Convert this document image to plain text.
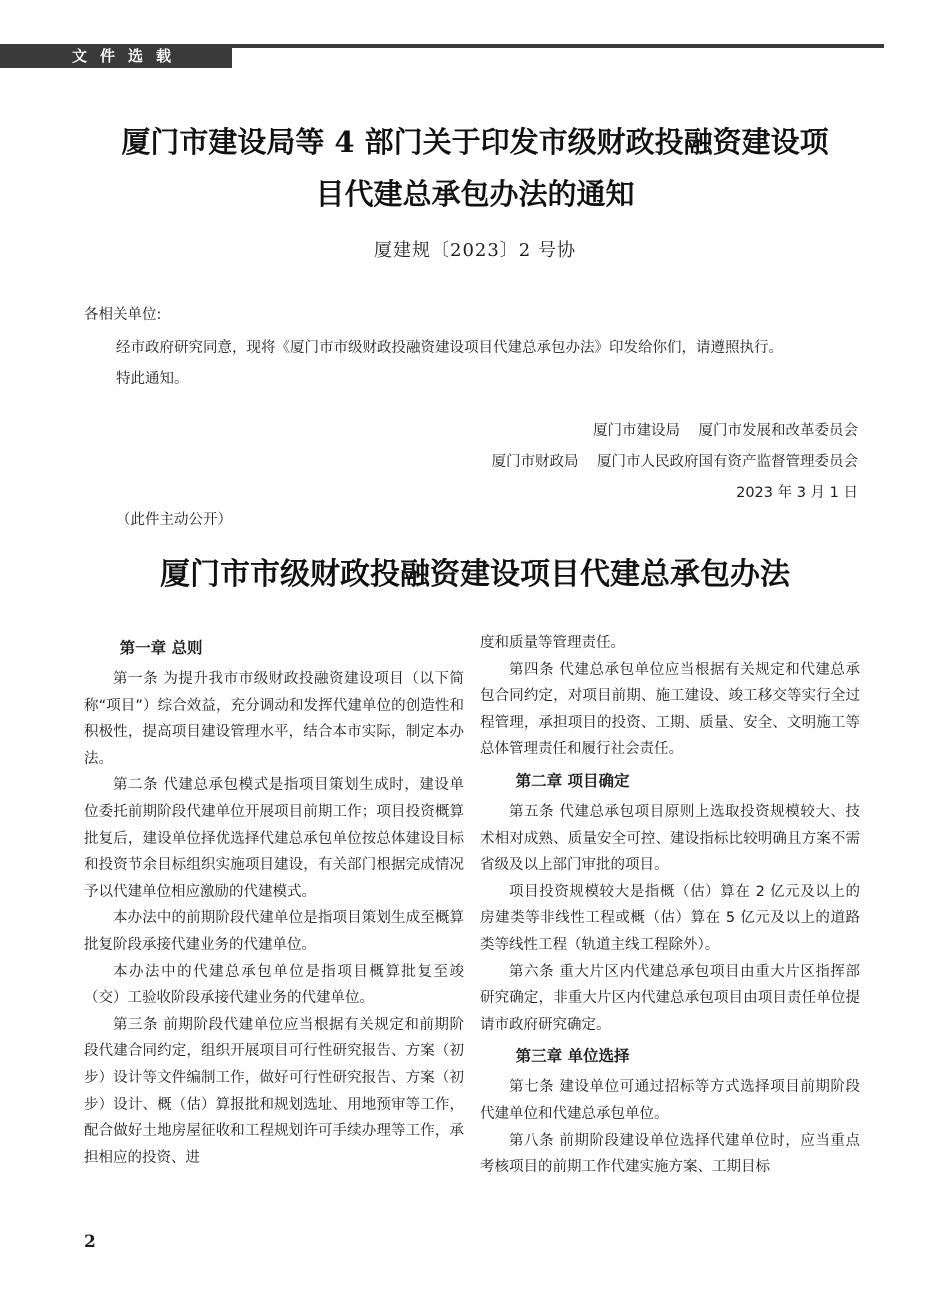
文件选载
厦门市建设局等 4 部门关于印发市级财政投融资建设项
目代建总承包办法的通知
厦建规〔2023〕2 号协
各相关单位:
经市政府研究同意，现将《厦门市市级财政投融资建设项目代建总承包办法》印发给你们，请遵照执行。
特此通知。
厦门市建设局    厦门市发展和改革委员会
厦门市财政局    厦门市人民政府国有资产监督管理委员会
2023 年 3 月 1 日
（此件主动公开）
厦门市市级财政投融资建设项目代建总承包办法
第一章 总则

第一条 为提升我市市级财政投融资建设项目（以下简称“项目”）综合效益，充分调动和发挥代建单位的创造性和积极性，提高项目建设管理水平，结合本市实际，制定本办法。

第二条 代建总承包模式是指项目策划生成时，建设单位委托前期阶段代建单位开展项目前期工作；项目投资概算批复后，建设单位择优选择代建总承包单位按总体建设目标和投资节余目标组织实施项目建设，有关部门根据完成情况予以代建单位相应激励的代建模式。

本办法中的前期阶段代建单位是指项目策划生成至概算批复阶段承接代建业务的代建单位。

本办法中的代建总承包单位是指项目概算批复至竣（交）工验收阶段承接代建业务的代建单位。

第三条 前期阶段代建单位应当根据有关规定和前期阶段代建合同约定，组织开展项目可行性研究报告、方案（初步）设计等文件编制工作，做好可行性研究报告、方案（初步）设计、概（估）算报批和规划选址、用地预审等工作，配合做好土地房屋征收和工程规划许可手续办理等工作，承担相应的投资、进

度和质量等管理责任。

第四条 代建总承包单位应当根据有关规定和代建总承包合同约定，对项目前期、施工建设、竣工移交等实行全过程管理，承担项目的投资、工期、质量、安全、文明施工等总体管理责任和履行社会责任。

第二章 项目确定

第五条 代建总承包项目原则上选取投资规模较大、技术相对成熟、质量安全可控、建设指标比较明确且方案不需省级及以上部门审批的项目。

项目投资规模较大是指概（估）算在 2 亿元及以上的房建类等非线性工程或概（估）算在 5 亿元及以上的道路类等线性工程（轨道主线工程除外）。

第六条 重大片区内代建总承包项目由重大片区指挥部研究确定，非重大片区内代建总承包项目由项目责任单位提请市政府研究确定。

第三章 单位选择

第七条 建设单位可通过招标等方式选择项目前期阶段代建单位和代建总承包单位。

第八条 前期阶段建设单位选择代建单位时，应当重点考核项目的前期工作代建实施方案、工期目标

2
